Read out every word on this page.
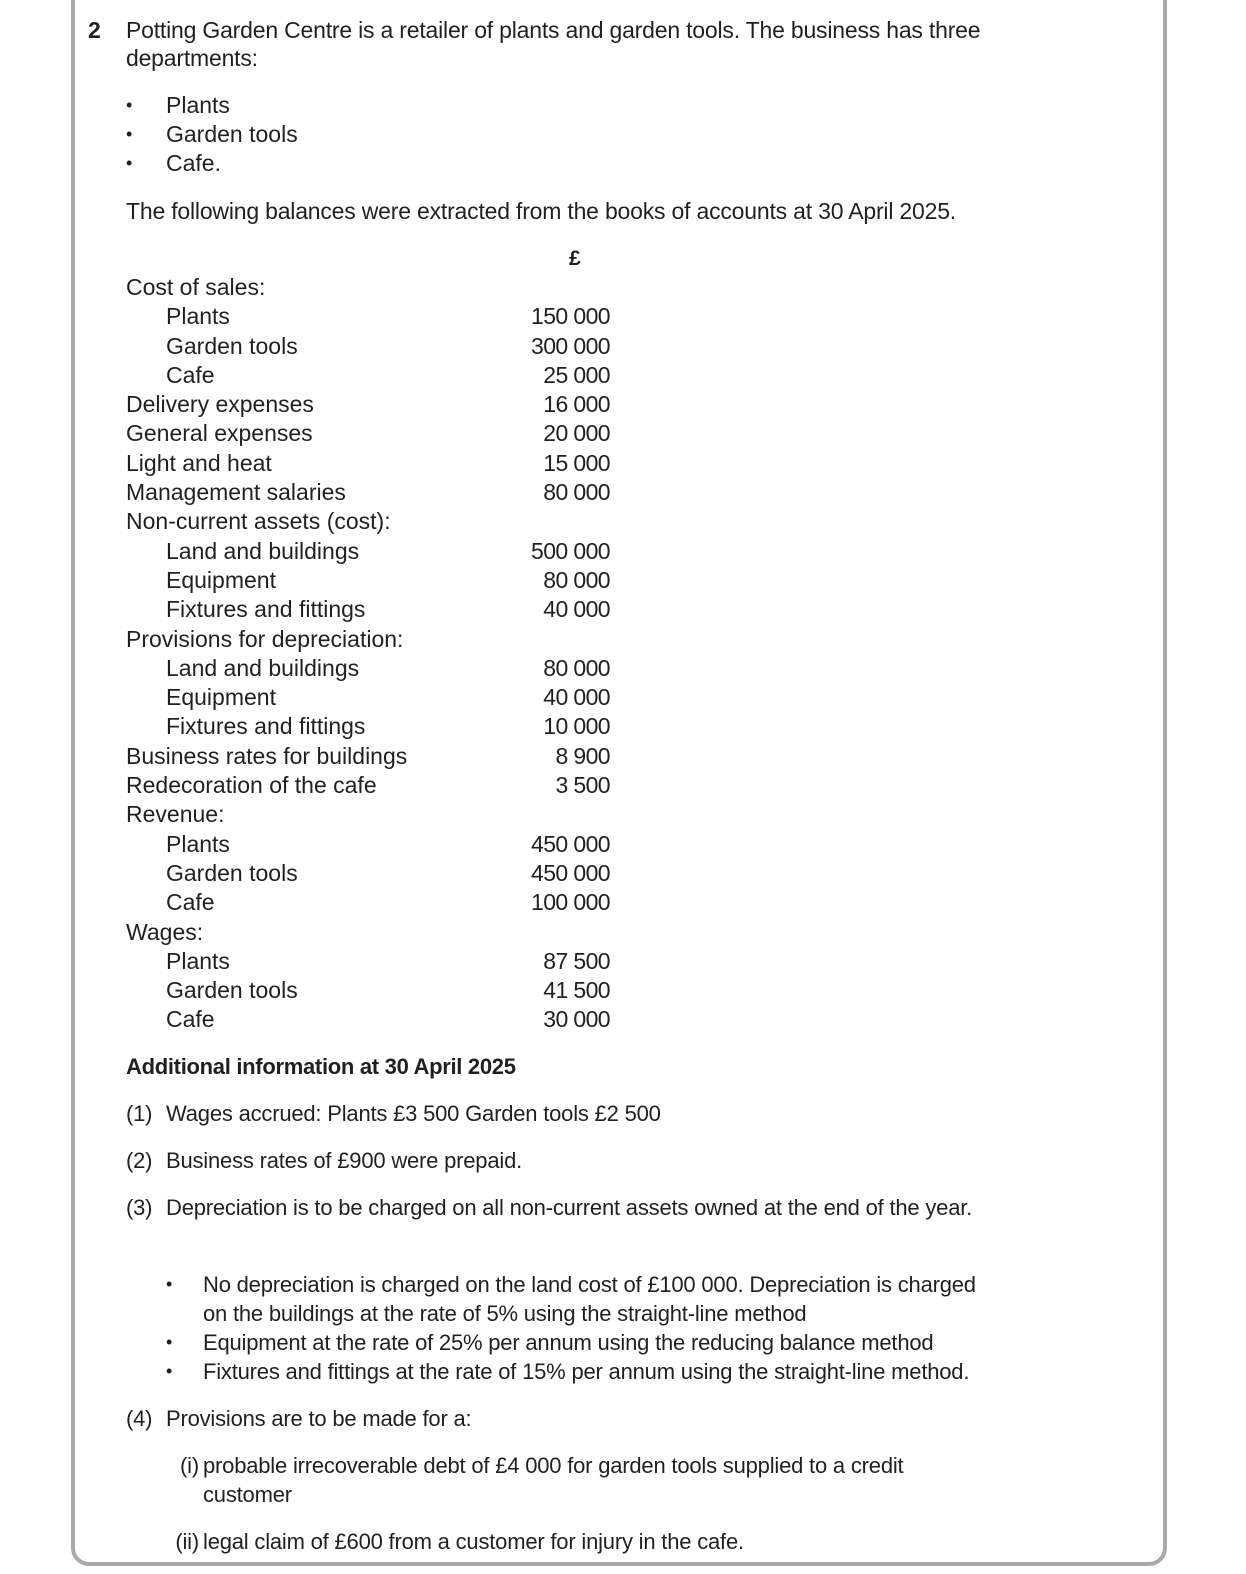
2 Potting Garden Centre is a retailer of plants and garden tools. The business has three departments:
• Plants
• Garden tools
• Cafe.
The following balances were extracted from the books of accounts at 30 April 2025.
£
Cost of sales:
Plants	150 000
Garden tools	300 000
Cafe	25 000
Delivery expenses	16 000
General expenses	20 000
Light and heat	15 000
Management salaries	80 000
Non-current assets (cost):
Land and buildings	500 000
Equipment	80 000
Fixtures and fittings	40 000
Provisions for depreciation:
Land and buildings	80 000
Equipment	40 000
Fixtures and fittings	10 000
Business rates for buildings	8 900
Redecoration of the cafe	3 500
Revenue:
Plants	450 000
Garden tools	450 000
Cafe	100 000
Wages:
Plants	87 500
Garden tools	41 500
Cafe	30 000
Additional information at 30 April 2025
(1) Wages accrued: Plants £3 500 Garden tools £2 500
(2) Business rates of £900 were prepaid.
(3) Depreciation is to be charged on all non-current assets owned at the end of the year.
• No depreciation is charged on the land cost of £100 000. Depreciation is charged on the buildings at the rate of 5% using the straight-line method
• Equipment at the rate of 25% per annum using the reducing balance method
• Fixtures and fittings at the rate of 15% per annum using the straight-line method.
(4) Provisions are to be made for a:
(i) probable irrecoverable debt of £4 000 for garden tools supplied to a credit customer
(ii) legal claim of £600 from a customer for injury in the cafe.
